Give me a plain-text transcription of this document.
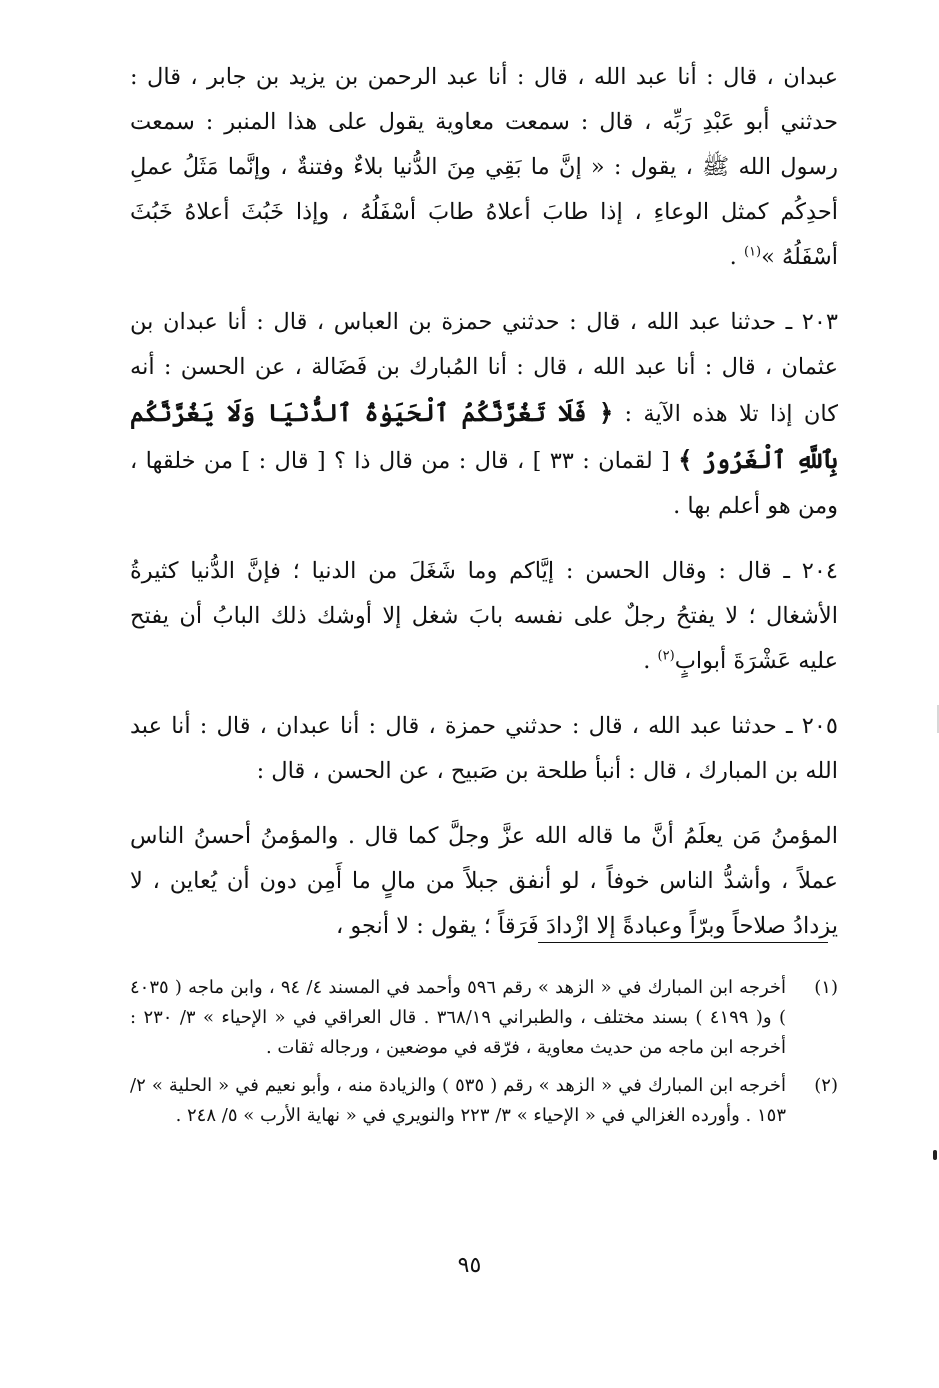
عبدان ، قال : أنا عبد الله ، قال : أنا عبد الرحمن بن يزيد بن جابر ، قال : حدثني أبو عَبْدِ رَبِّه ، قال : سمعت معاوية يقول على هذا المنبر : سمعت رسول الله ﷺ ، يقول : « إنَّ ما بَقِي مِنَ الدُّنيا بلاءٌ وفتنةٌ ، وإنَّما مَثَلُ عملِ أحدِكُم كمثل الوعاءِ ، إذا طابَ أعلاهُ طابَ أسْفَلُهُ ، وإذا خَبُثَ أعلاهُ خَبُثَ أسْفَلُهُ »$^{(١)}$ .

٢٠٣ ـ حدثنا عبد الله ، قال : حدثني حمزة بن العباس ، قال : أنا عبدان بن عثمان ، قال : أنا عبد الله ، قال : أنا المُبارك بن فَضَالة ، عن الحسن : أنه كان إذا تلا هذه الآية : ﴿ فَلَا تَغُرَّنَّكُمُ ٱلْحَيَوٰةُ ٱلدُّنْيَا وَلَا يَغُرَّنَّكُم بِٱللَّهِ ٱلْغَرُورُ ﴾ [ لقمان : ٣٣ ] ، قال : من قال ذا ؟ [ قال : ] من خلقها ، ومن هو أعلم بها .

٢٠٤ ـ قال : وقال الحسن : إيَّاكم وما شَغَلَ من الدنيا ؛ فإنَّ الدُّنيا كثيرةُ الأشغال ؛ لا يفتحُ رجلٌ على نفسه بابَ شغل إلا أوشك ذلك البابُ أن يفتح عليه عَشْرَةَ أبوابٍ$^{(٢)}$ .

٢٠٥ ـ حدثنا عبد الله ، قال : حدثني حمزة ، قال : أنا عبدان ، قال : أنا عبد الله بن المبارك ، قال : أنبأ طلحة بن صَبيح ، عن الحسن ، قال :

المؤمنُ مَن يعلَمُ أنَّ ما قاله الله عزَّ وجلَّ كما قال . والمؤمنُ أحسنُ الناس عملاً ، وأشدُّ الناس خوفاً ، لو أنفق جبلاً من مالٍ ما أَمِن دون أن يُعاين ، لا يزدادُ صلاحاً وبرّاً وعبادةً إلا ازْدادَ فَرَقاً ؛ يقول : لا أنجو ،

(١)
أخرجه ابن المبارك في « الزهد » رقم ٥٩٦ وأحمد في المسند ٤/ ٩٤ ، وابن ماجه ( ٤٠٣٥ ) و( ٤١٩٩ ) بسند مختلف ، والطبراني ٣٦٨/١٩ . قال العراقي في « الإحياء » ٣/ ٢٣٠ : أخرجه ابن ماجه من حديث معاوية ، فرّقه في موضعين ، ورجاله ثقات .
(٢)
أخرجه ابن المبارك في « الزهد » رقم ( ٥٣٥ ) والزيادة منه ، وأبو نعيم في « الحلية » ٢/ ١٥٣ . وأورده الغزالي في « الإحياء » ٣/ ٢٢٣ والنويري في « نهاية الأرب » ٥/ ٢٤٨ .
٩٥
